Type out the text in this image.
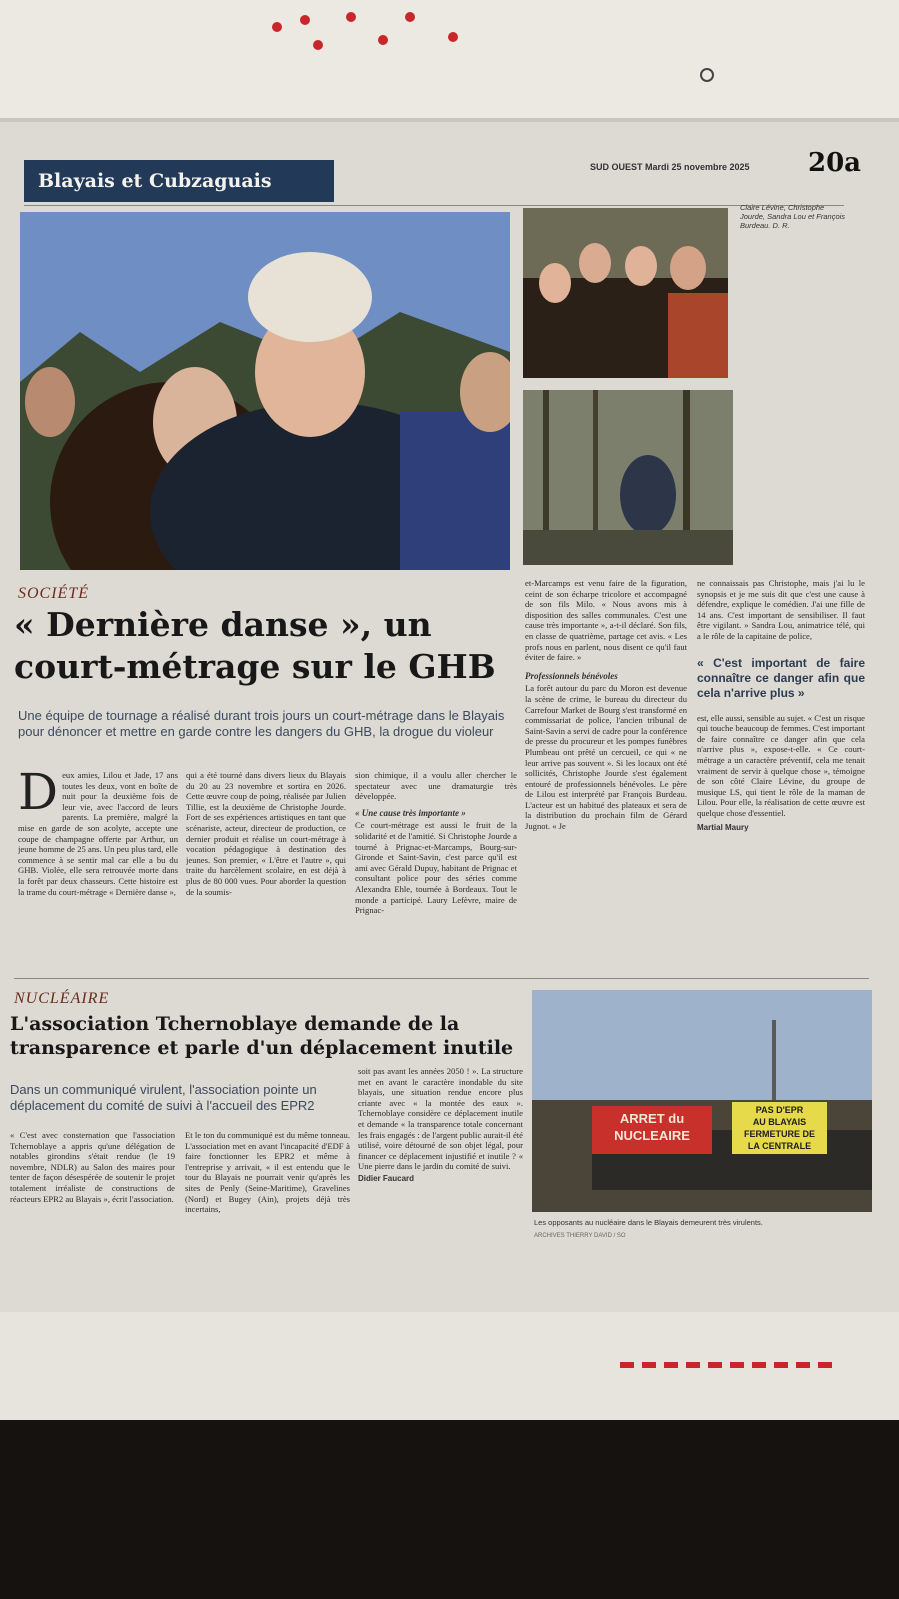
Blayais et Cubzaguais
SUD OUEST Mardi 25 novembre 2025 20a
Claire Lévine, Christophe Jourde, Sandra Lou et François Burdeau. D. R.
SOCIÉTÉ
« Dernière danse », un
court-métrage sur le GHB
Une équipe de tournage a réalisé durant trois jours un court-métrage dans le Blayais pour dénoncer et mettre en garde contre les dangers du GHB, la drogue du violeur
Deux amies, Lilou et Jade, 17 ans toutes les deux, vont en boîte de nuit pour la deuxième fois de leur vie, avec l'accord de leurs parents. La première, malgré la mise en garde de son acolyte, accepte une coupe de champagne offerte par Arthur, un jeune homme de 25 ans. Un peu plus tard, elle commence à se sentir mal car elle a bu du GHB. Violée, elle sera retrouvée morte dans la forêt par deux chasseurs. Cette histoire est la trame du court-métrage « Dernière danse »,
qui a été tourné dans divers lieux du Blayais du 20 au 23 novembre et sortira en 2026. Cette œuvre coup de poing, réalisée par Julien Tillie, est la deuxième de Christophe Jourde. Fort de ses expériences artistiques en tant que scénariste, acteur, directeur de production, ce dernier produit et réalise un court-métrage à vocation pédagogique à destination des jeunes. Son premier, « L'être et l'autre », qui traite du harcèlement scolaire, en est déjà à plus de 80 000 vues. Pour aborder la question de la soumis-
sion chimique, il a voulu aller chercher le spectateur avec une dramaturgie très développée.
« Une cause très importante »
Ce court-métrage est aussi le fruit de la solidarité et de l'amitié. Si Christophe Jourde a tourné à Prignac-et-Marcamps, Bourg-sur-Gironde et Saint-Savin, c'est parce qu'il est ami avec Gérald Dupuy, habitant de Prignac et consultant police pour des séries comme Alexandra Ehle, tournée à Bordeaux. Tout le monde a participé. Laury Lefèvre, maire de Prignac-
et-Marcamps est venu faire de la figuration, ceint de son écharpe tricolore et accompagné de son fils Milo. « Nous avons mis à disposition des salles communales. C'est une cause très importante », a-t-il déclaré. Son fils, en classe de quatrième, partage cet avis. « Les profs nous en parlent, nous disent ce qu'il faut éviter de faire. »
Professionnels bénévoles
La forêt autour du parc du Moron est devenue la scène de crime, le bureau du directeur du Carrefour Market de Bourg s'est transformé en commissariat de police, l'ancien tribunal de Saint-Savin a servi de cadre pour la conférence de presse du procureur et les pompes funèbres Plumbeau ont prêté un cercueil, ce qui « ne leur arrive pas souvent ». Si les locaux ont été sollicités, Christophe Jourde s'est également entouré de professionnels bénévoles. Le père de Lilou est interprété par François Burdeau. L'acteur est un habitué des plateaux et sera de la distribution du prochain film de Gérard Jugnot. « Je
ne connaissais pas Christophe, mais j'ai lu le synopsis et je me suis dit que c'est une cause à défendre, explique le comédien. J'ai une fille de 14 ans. C'est important de sensibiliser. Il faut être vigilant. » Sandra Lou, animatrice télé, qui a le rôle de la capitaine de police,
« C'est important de faire connaître ce danger afin que cela n'arrive plus »
est, elle aussi, sensible au sujet. « C'est un risque qui touche beaucoup de femmes. C'est important de faire connaître ce danger afin que cela n'arrive plus », expose-t-elle. « Ce court-métrage a un caractère préventif, cela me tenait vraiment de servir à quelque chose », témoigne de son côté Claire Lévine, du groupe de musique LS, qui tient le rôle de la maman de Lilou. Pour elle, la réalisation de cette œuvre est quelque chose d'essentiel.
Martial Maury
NUCLÉAIRE
L'association Tchernoblaye demande de la
transparence et parle d'un déplacement inutile
Dans un communiqué virulent, l'association pointe un déplacement du comité de suivi à l'accueil des EPR2
« C'est avec consternation que l'association Tchernoblaye a appris qu'une délégation de notables girondins s'était rendue (le 19 novembre, NDLR) au Salon des maires pour tenter de façon désespérée de soutenir le projet totalement irréaliste de constructions de réacteurs EPR2 au Blayais », écrit l'association.
Et le ton du communiqué est du même tonneau. L'association met en avant l'incapacité d'EDF à faire fonctionner les EPR2 et même à l'entreprise y arrivait, « il est entendu que le tour du Blayais ne pourrait venir qu'après les sites de Penly (Seine-Maritime), Gravelines (Nord) et Bugey (Ain), projets déjà très incertains,
soit pas avant les années 2050 ! ». La structure met en avant le caractère inondable du site blayais, une situation rendue encore plus criante avec « la montée des eaux ». Tchernoblaye considère ce déplacement inutile et demande « la transparence totale concernant les frais engagés : de l'argent public aurait-il été utilisé, voire détourné de son objet légal, pour financer ce déplacement injustifié et inutile ? « Une pierre dans le jardin du comité de suivi.
Didier Faucard
ARRET du
NUCLEAIRE
PAS D'EPR
AU BLAYAIS
FERMETURE DE
LA CENTRALE
Les opposants au nucléaire dans le Blayais demeurent très virulents.
ARCHIVES THIERRY DAVID / SO
